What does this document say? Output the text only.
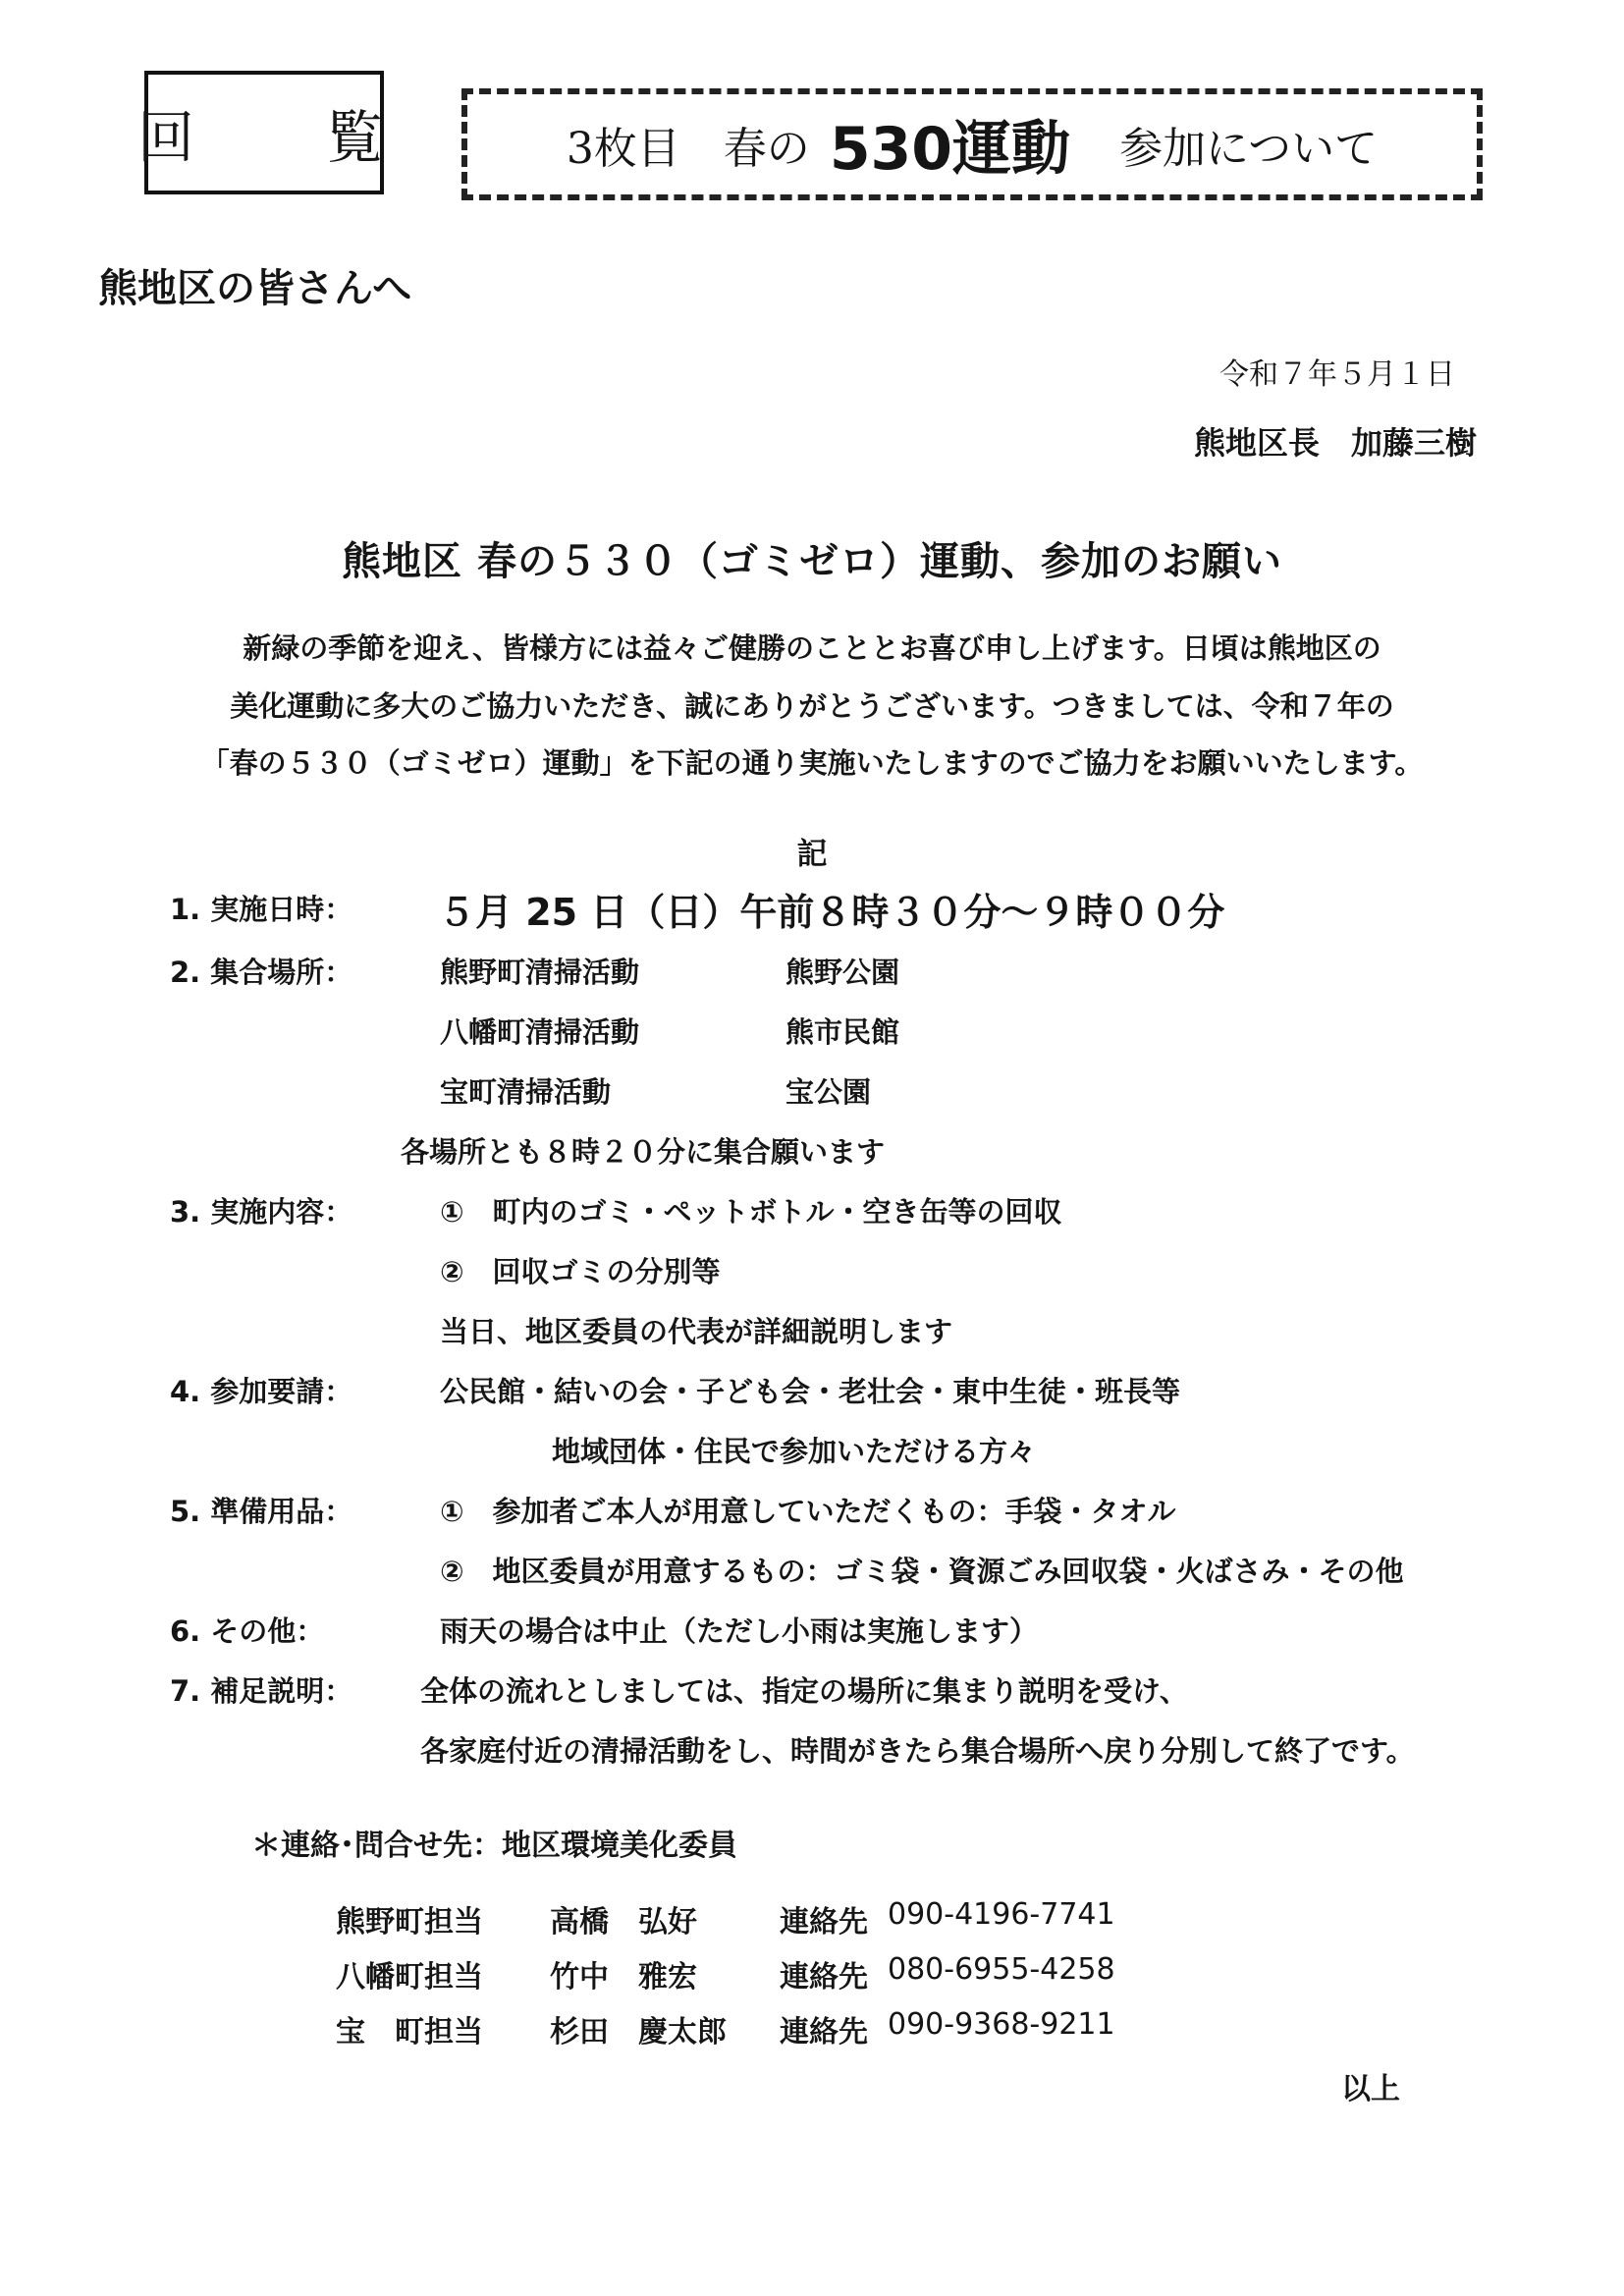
回　覧	3枚目　春の 530運動 参加について
熊地区の皆さんへ
令和７年５月１日
熊地区長　加藤三樹
熊地区 春の５３０（ゴミゼロ）運動、参加のお願い
新緑の季節を迎え、皆様方には益々ご健勝のこととお喜び申し上げます。日頃は熊地区の
美化運動に多大のご協力いただき、誠にありがとうございます。つきましては、令和７年の
「春の５３０（ゴミゼロ）運動」を下記の通り実施いたしますのでご協力をお願いいたします。
記
1. 実施日時： ５月 25 日（日）午前８時３０分～９時００分
2. 集合場所：	熊野町清掃活動	熊野公園
八幡町清掃活動	熊市民館
宝町清掃活動	宝公園
各場所とも８時２０分に集合願います
3. 実施内容：	①　町内のゴミ・ペットボトル・空き缶等の回収
②　回収ゴミの分別等
当日、地区委員の代表が詳細説明します
4. 参加要請：	公民館・結いの会・子ども会・老壮会・東中生徒・班長等
地域団体・住民で参加いただける方々
5. 準備用品：	①　参加者ご本人が用意していただくもの：手袋・タオル
②　地区委員が用意するもの：ゴミ袋・資源ごみ回収袋・火ばさみ・その他
6. その他：	雨天の場合は中止（ただし小雨は実施します）
7. 補足説明： 全体の流れとしましては、指定の場所に集まり説明を受け、
各家庭付近の清掃活動をし、時間がきたら集合場所へ戻り分別して終了です。
＊連絡･問合せ先：地区環境美化委員
熊野町担当 高橋　弘好	連絡先 090-4196-7741
八幡町担当 竹中　雅宏	連絡先 080-6955-4258
宝　町担当 杉田　慶太郎 連絡先 090-9368-9211
以上
